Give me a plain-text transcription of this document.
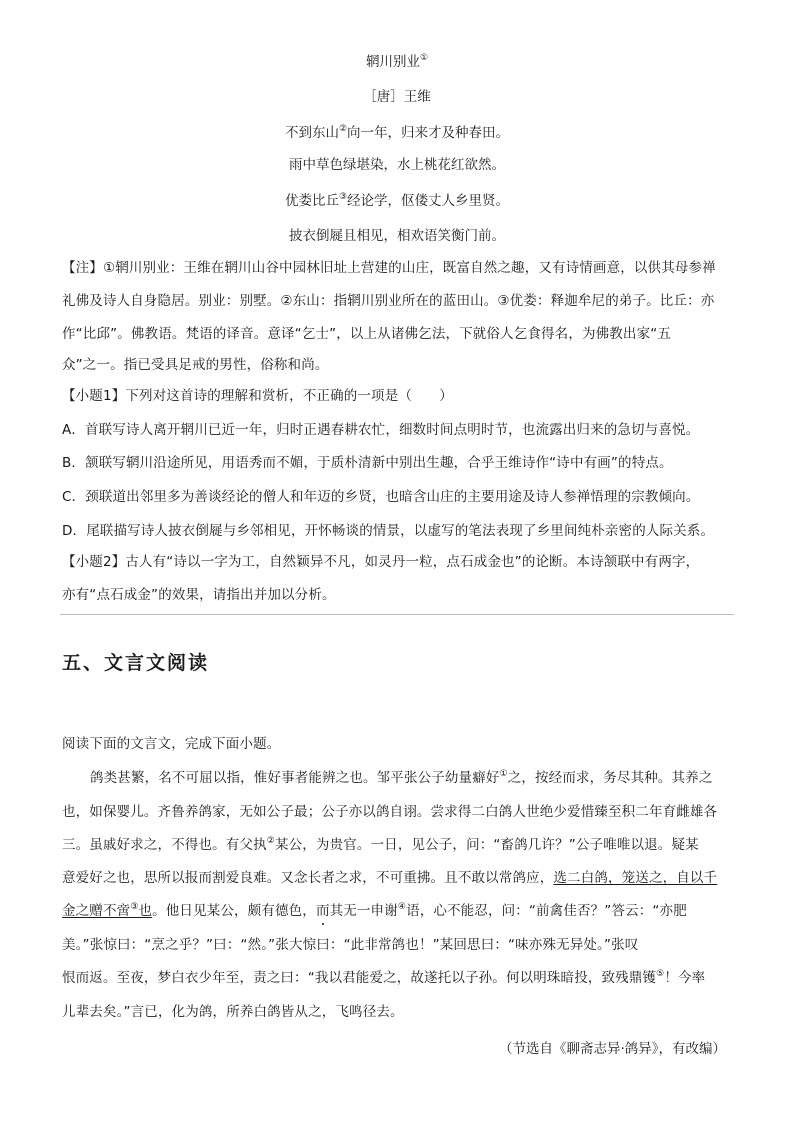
辋川别业①
［唐］王维
不到东山②向一年，归来才及种春田。
雨中草色绿堪染，水上桃花红欲然。
优娄比丘③经论学，伛偻丈人乡里贤。
披衣倒屣且相见，相欢语笑衡门前。
【注】①辋川别业：王维在辋川山谷中园林旧址上营建的山庄，既富自然之趣，又有诗情画意，以供其母参禅
礼佛及诗人自身隐居。别业：别墅。②东山：指辋川别业所在的蓝田山。③优娄：释迦牟尼的弟子。比丘：亦
作“比邱”。佛教语。梵语的译音。意译“乞士”，以上从诸佛乞法，下就俗人乞食得名，为佛教出家“五
众”之一。指已受具足戒的男性，俗称和尚。
【小题1】下列对这首诗的理解和赏析，不正确的一项是（　　）
A．首联写诗人离开辋川已近一年，归时正遇春耕农忙，细数时间点明时节，也流露出归来的急切与喜悦。
B．颔联写辋川沿途所见，用语秀而不媚，于质朴清新中别出生趣，合乎王维诗作“诗中有画”的特点。
C．颈联道出邻里多为善谈经论的僧人和年迈的乡贤，也暗含山庄的主要用途及诗人参禅悟理的宗教倾向。
D．尾联描写诗人披衣倒屣与乡邻相见，开怀畅谈的情景，以虚写的笔法表现了乡里间纯朴亲密的人际关系。
【小题2】古人有“诗以一字为工，自然颖异不凡，如灵丹一粒，点石成金也”的论断。本诗颔联中有两字，
亦有“点石成金”的效果，请指出并加以分析。
五、文言文阅读
阅读下面的文言文，完成下面小题。
鸽类甚繁，名不可屈以指，惟好事者能辨之也。邹平张公子幼量癖好①之，按经而求，务尽其种。其养之
也，如保婴儿。齐鲁养鸽家，无如公子最；公子亦以鸽自诩。尝求得二白鸽人世绝少爱惜臻至积二年育雌雄各
三。虽戚好求之，不得也。有父执②某公，为贵官。一日，见公子，问：“畜鸽几许？”公子唯唯以退。疑某
意爱好之也，思所以报而割爱良难。又念长者之求，不可重拂。且不敢以常鸽应，选二白鸽，笼送之，自以千
金之赠不啻③也。他日见某公，颇有德色，而其无一申谢④语，心不能忍，问：“前禽佳否？”答云：“亦肥
美。”张惊曰：“烹之乎？”曰：“然。”张大惊曰：“此非常鸽也！”某回思曰：“味亦殊无异处。”张叹
恨而返。至夜，梦白衣少年至，责之曰：“我以君能爱之，故遂托以子孙。何以明珠暗投，致残鼎镬⑤！今率
儿辈去矣。”言已，化为鸽，所养白鸽皆从之，飞鸣径去。
（节选自《聊斋志异·鸽异》，有改编）
